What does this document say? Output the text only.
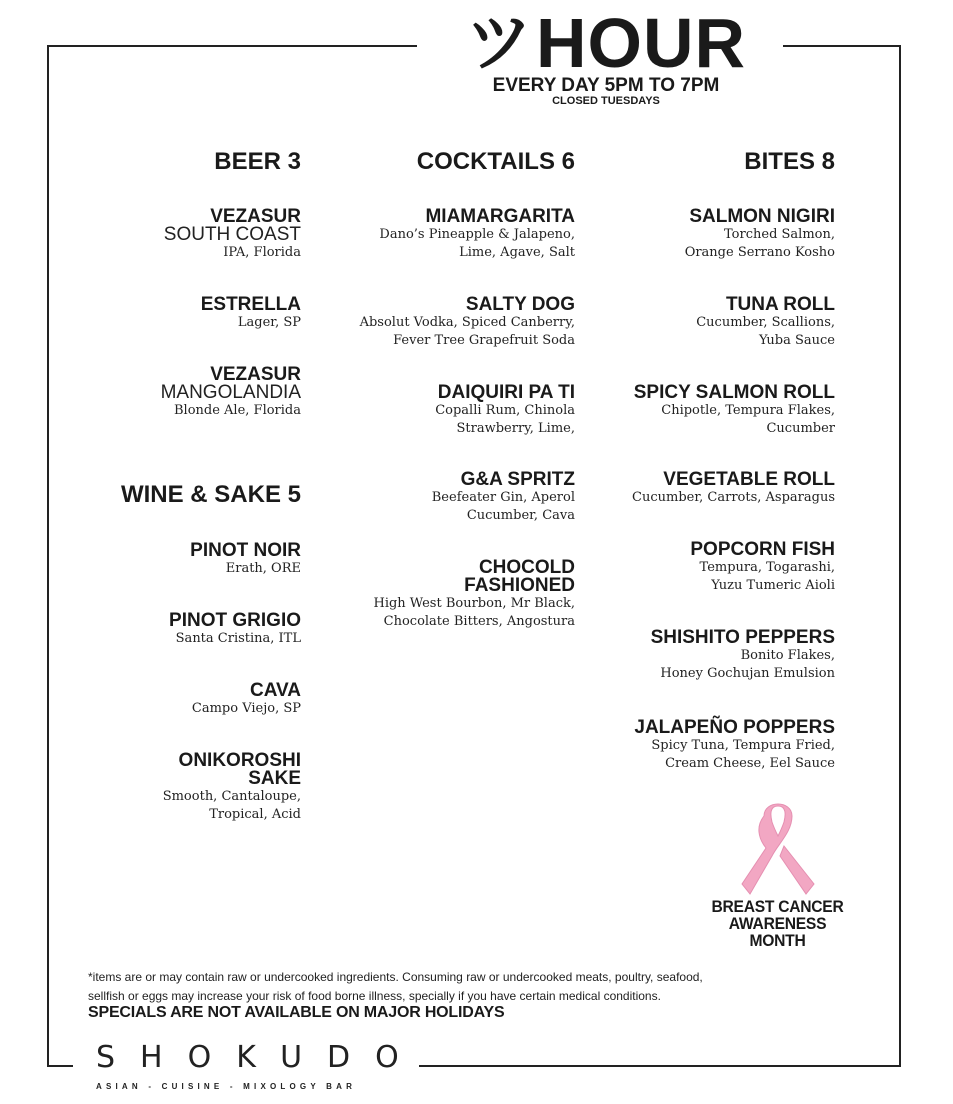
ツ HOUR
EVERY DAY 5PM TO 7PM
CLOSED TUESDAYS
BEER 3
VEZASUR
SOUTH COAST
IPA, Florida
ESTRELLA
Lager, SP
VEZASUR
MANGOLANDIA
Blonde Ale, Florida
WINE & SAKE 5
PINOT NOIR
Erath, ORE
PINOT GRIGIO
Santa Cristina, ITL
CAVA
Campo Viejo, SP
ONIKOROSHI
SAKE
Smooth, Cantaloupe,
Tropical, Acid
COCKTAILS 6
MIAMARGARITA
Dano’s Pineapple & Jalapeno,
Lime, Agave, Salt
SALTY DOG
Absolut Vodka, Spiced Canberry,
Fever Tree Grapefruit Soda
DAIQUIRI PA TI
Copalli Rum, Chinola
Strawberry, Lime,
G&A SPRITZ
Beefeater Gin, Aperol
Cucumber, Cava
CHOCOLD
FASHIONED
High West Bourbon, Mr Black,
Chocolate Bitters, Angostura
BITES 8
SALMON NIGIRI
Torched Salmon,
Orange Serrano Kosho
TUNA ROLL
Cucumber, Scallions,
Yuba Sauce
SPICY SALMON ROLL
Chipotle, Tempura Flakes,
Cucumber
VEGETABLE ROLL
Cucumber, Carrots, Asparagus
POPCORN FISH
Tempura, Togarashi,
Yuzu Tumeric Aioli
SHISHITO PEPPERS
Bonito Flakes,
Honey Gochujan Emulsion
JALAPEÑO POPPERS
Spicy Tuna, Tempura Fried,
Cream Cheese, Eel Sauce
BREAST CANCER
AWARENESS
MONTH
*items are or may contain raw or undercooked ingredients. Consuming raw or undercooked meats, poultry, seafood,
sellfish or eggs may increase your risk of food borne illness, specially if you have certain medical conditions.
SPECIALS ARE NOT AVAILABLE ON MAJOR HOLIDAYS
SHOKUDO
ASIAN - CUISINE - MIXOLOGY BAR
